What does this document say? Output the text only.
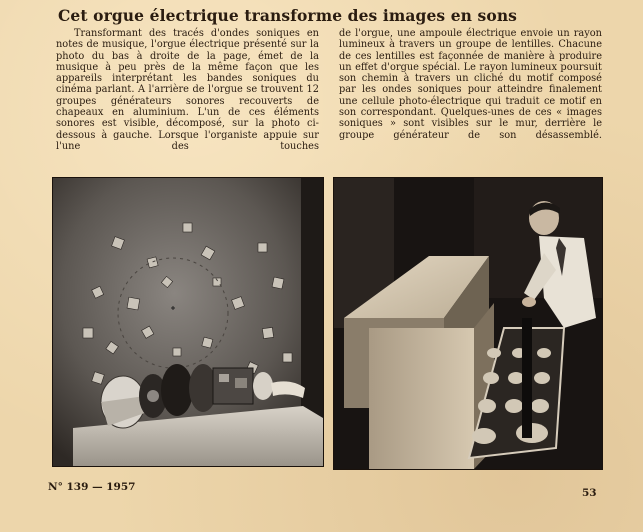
Cet orgue électrique transforme des images en sons

Transformant des tracés d'ondes soniques en notes de musique, l'orgue électrique présenté sur la photo du bas à droite de la page, émet de la musique à peu près de la même façon que les appareils interprétant les bandes soniques du cinéma parlant. A l'arrière de l'orgue se trouvent 12 groupes générateurs sonores recouverts de chapeaux en aluminium. L'un de ces éléments sonores est visible, décomposé, sur la photo ci-dessous à gauche. Lorsque l'organiste appuie sur l'une des touches

de l'orgue, une ampoule électrique envoie un rayon lumineux à travers un groupe de lentilles. Chacune de ces lentilles est façonnée de manière à produire un effet d'orgue spécial. Le rayon lumineux poursuit son chemin à travers un cliché du motif composé par les ondes soniques pour atteindre finalement une cellule photo-électrique qui traduit ce motif en son correspondant. Quelques-unes de ces « images soniques » sont visibles sur le mur, derrière le groupe générateur de son désassemblé.

N° 139 — 1957	53
